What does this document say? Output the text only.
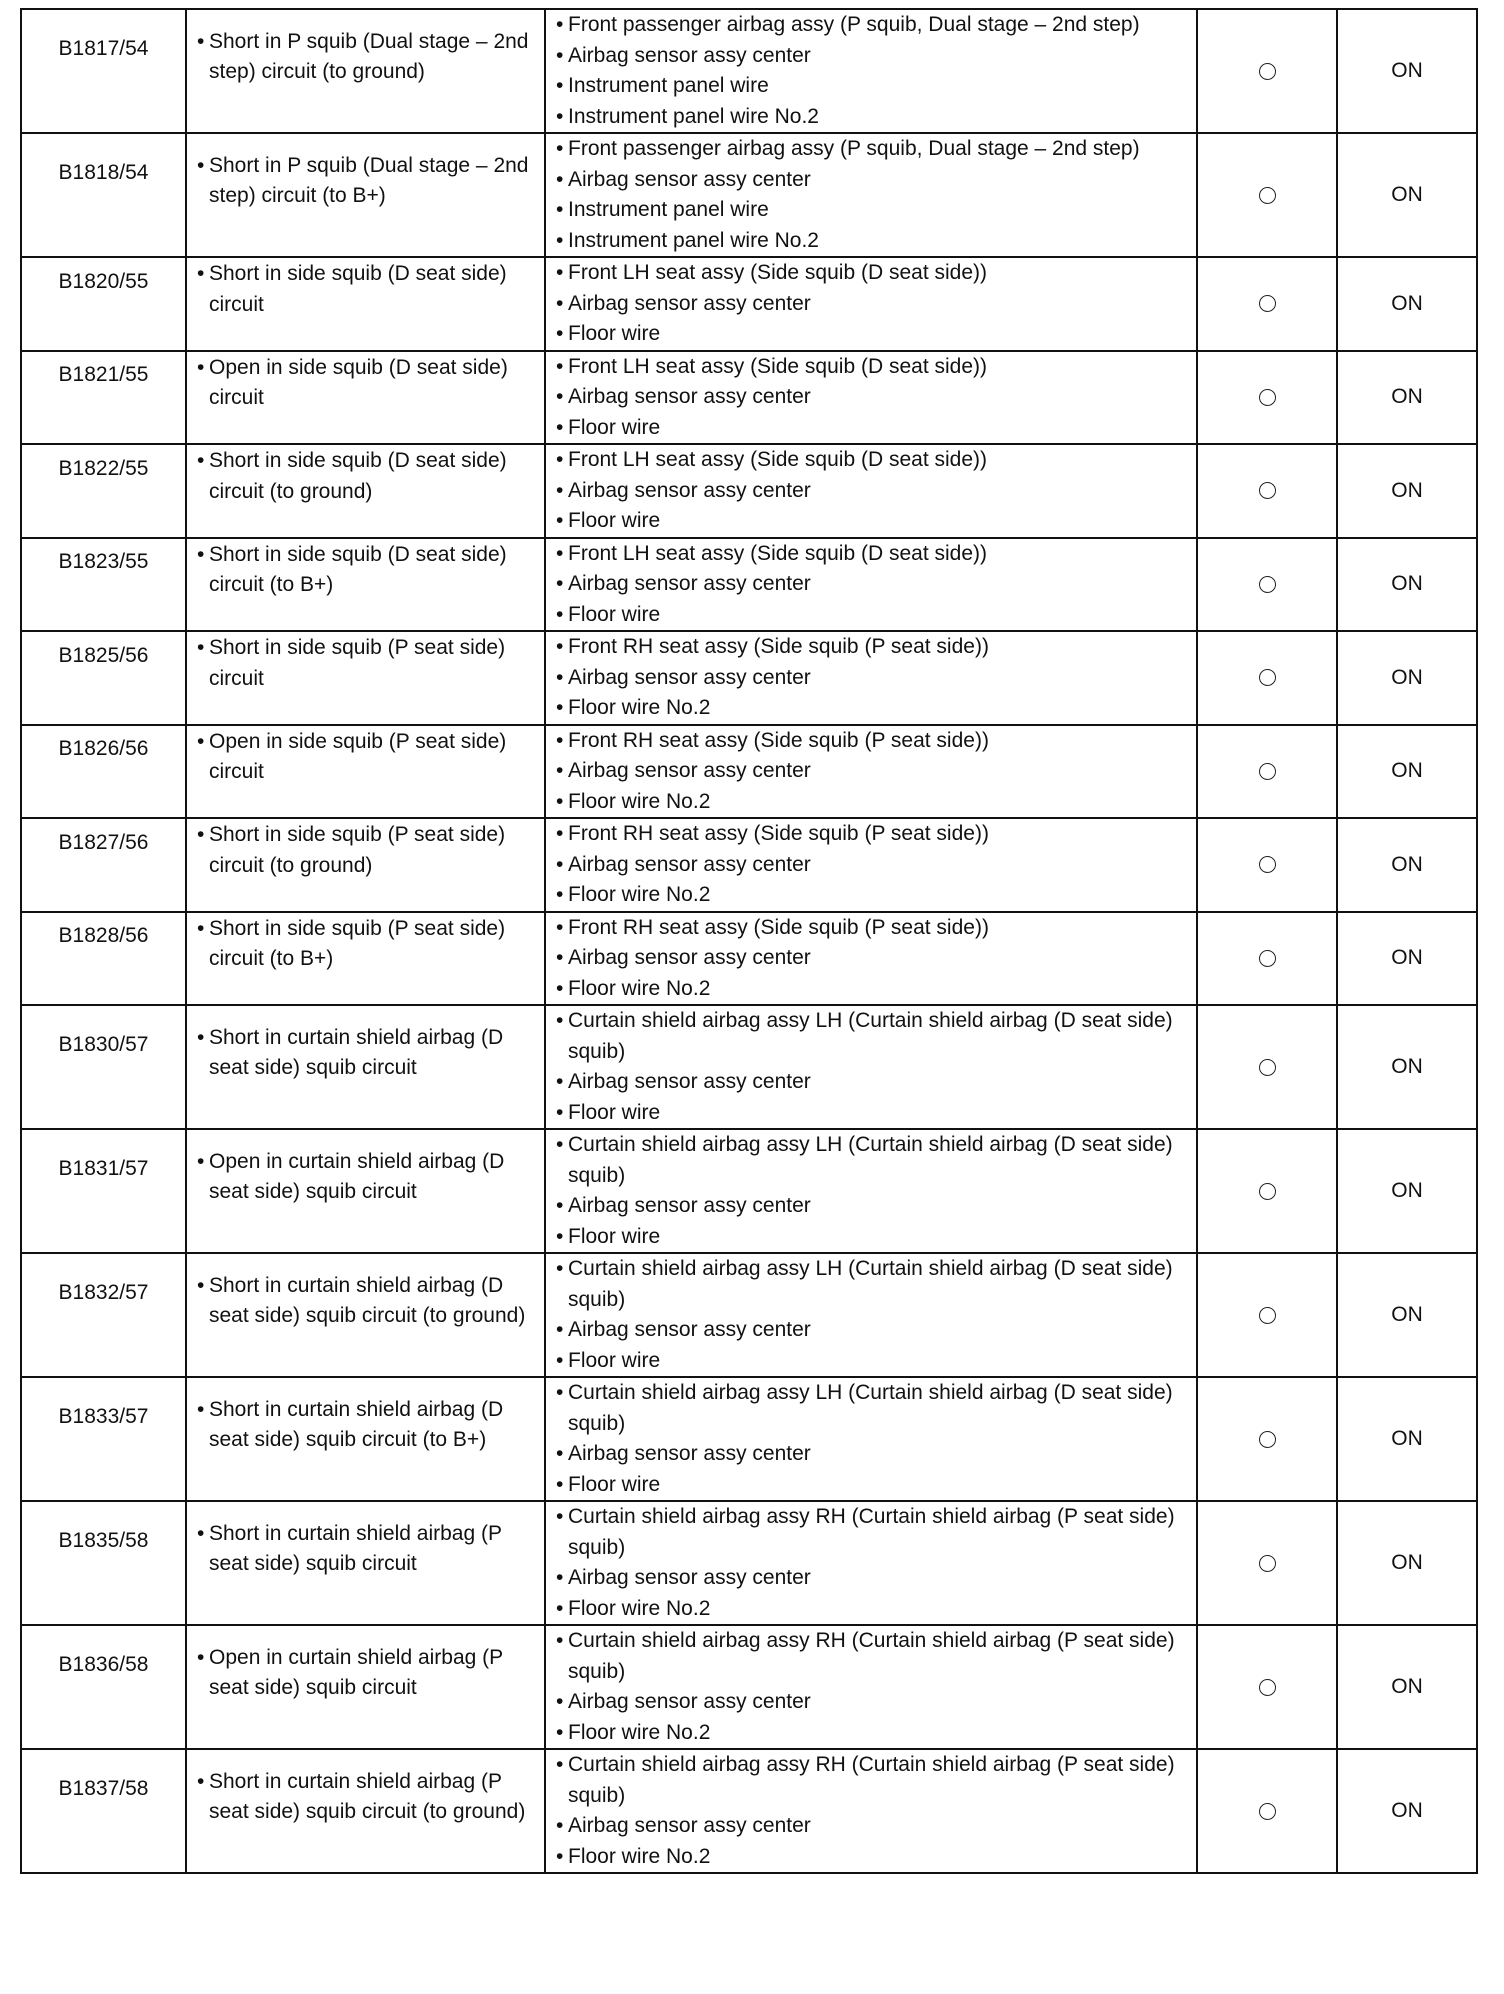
B1817/54	• Short in P squib (Dual stage – 2nd step) circuit (to ground)	• Front passenger airbag assy (P squib, Dual stage – 2nd step)
• Airbag sensor assy center
• Instrument panel wire
• Instrument panel wire No.2		ON

B1818/54	• Short in P squib (Dual stage – 2nd step) circuit (to B+)	• Front passenger airbag assy (P squib, Dual stage – 2nd step)
• Airbag sensor assy center
• Instrument panel wire
• Instrument panel wire No.2		ON

B1820/55	• Short in side squib (D seat side) circuit	• Front LH seat assy (Side squib (D seat side))
• Airbag sensor assy center
• Floor wire		ON

B1821/55	• Open in side squib (D seat side) circuit	• Front LH seat assy (Side squib (D seat side))
• Airbag sensor assy center
• Floor wire		ON

B1822/55	• Short in side squib (D seat side) circuit (to ground)	• Front LH seat assy (Side squib (D seat side))
• Airbag sensor assy center
• Floor wire		ON

B1823/55	• Short in side squib (D seat side) circuit (to B+)	• Front LH seat assy (Side squib (D seat side))
• Airbag sensor assy center
• Floor wire		ON

B1825/56	• Short in side squib (P seat side) circuit	• Front RH seat assy (Side squib (P seat side))
• Airbag sensor assy center
• Floor wire No.2		ON

B1826/56	• Open in side squib (P seat side) circuit	• Front RH seat assy (Side squib (P seat side))
• Airbag sensor assy center
• Floor wire No.2		ON

B1827/56	• Short in side squib (P seat side) circuit (to ground)	• Front RH seat assy (Side squib (P seat side))
• Airbag sensor assy center
• Floor wire No.2		ON

B1828/56	• Short in side squib (P seat side) circuit (to B+)	• Front RH seat assy (Side squib (P seat side))
• Airbag sensor assy center
• Floor wire No.2		ON

B1830/57	• Short in curtain shield airbag (D seat side) squib circuit	• Curtain shield airbag assy LH (Curtain shield airbag (D seat side) squib)
• Airbag sensor assy center
• Floor wire		ON

B1831/57	• Open in curtain shield airbag (D seat side) squib circuit	• Curtain shield airbag assy LH (Curtain shield airbag (D seat side) squib)
• Airbag sensor assy center
• Floor wire		ON

B1832/57	• Short in curtain shield airbag (D seat side) squib circuit (to ground)	• Curtain shield airbag assy LH (Curtain shield airbag (D seat side) squib)
• Airbag sensor assy center
• Floor wire		ON

B1833/57	• Short in curtain shield airbag (D seat side) squib circuit (to B+)	• Curtain shield airbag assy LH (Curtain shield airbag (D seat side) squib)
• Airbag sensor assy center
• Floor wire		ON

B1835/58	• Short in curtain shield airbag (P seat side) squib circuit	• Curtain shield airbag assy RH (Curtain shield airbag (P seat side) squib)
• Airbag sensor assy center
• Floor wire No.2		ON

B1836/58	• Open in curtain shield airbag (P seat side) squib circuit	• Curtain shield airbag assy RH (Curtain shield airbag (P seat side) squib)
• Airbag sensor assy center
• Floor wire No.2		ON

B1837/58	• Short in curtain shield airbag (P seat side) squib circuit (to ground)	• Curtain shield airbag assy RH (Curtain shield airbag (P seat side) squib)
• Airbag sensor assy center
• Floor wire No.2		ON
